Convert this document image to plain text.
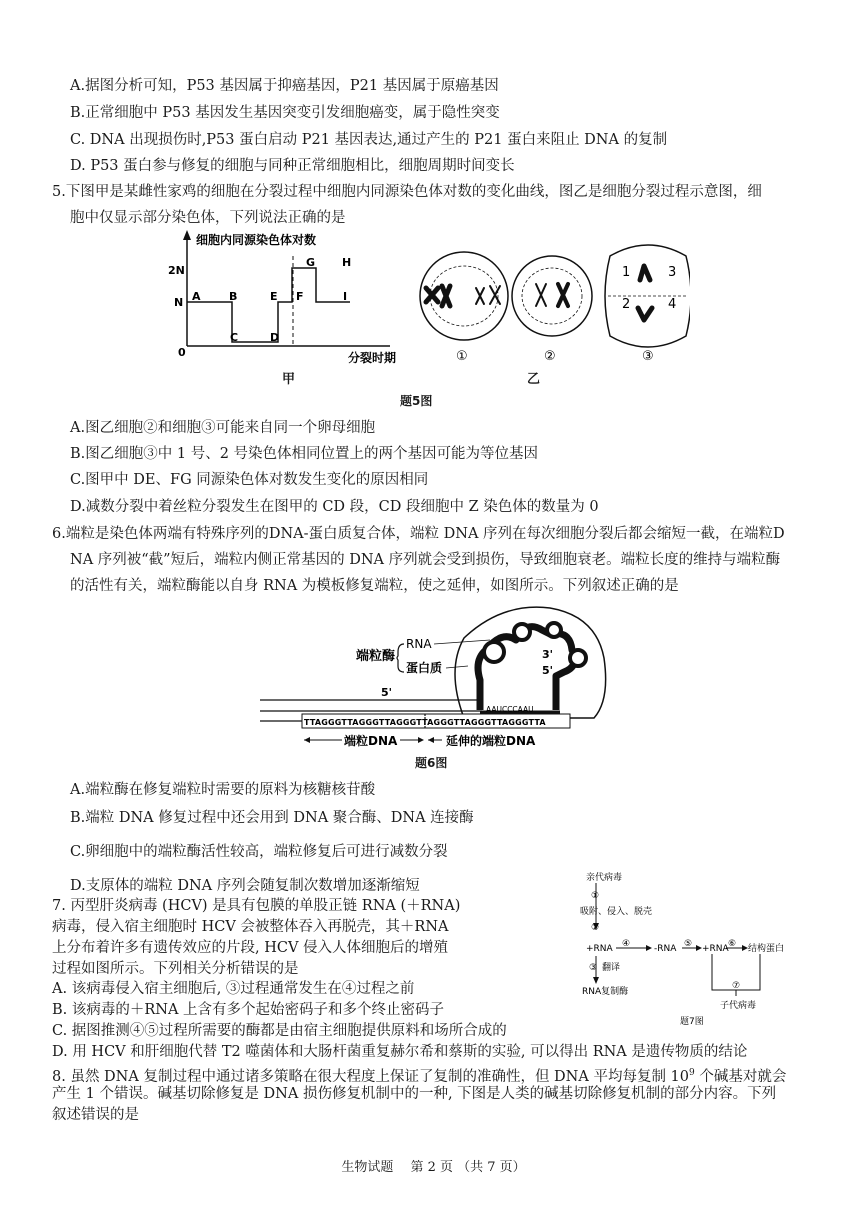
A.据图分析可知，P53 基因属于抑癌基因，P21 基因属于原癌基因
B.正常细胞中 P53 基因发生基因突变引发细胞癌变，属于隐性突变
C. DNA 出现损伤时,P53 蛋白启动 P21 基因表达,通过产生的 P21 蛋白来阻止 DNA 的复制
D. P53 蛋白参与修复的细胞与同种正常细胞相比，细胞周期时间变长
5.下图甲是某雌性家鸡的细胞在分裂过程中细胞内同源染色体对数的变化曲线，图乙是细胞分裂过程示意图，细
胞中仅显示部分染色体，下列说法正确的是
细胞内同源染色体对数
2N
N
0
A	B
C	D
E F
G H
I
分裂时期
甲
①	②
1
2
3
4
③
乙
题5图
A.图乙细胞②和细胞③可能来自同一个卵母细胞
B.图乙细胞③中 1 号、2 号染色体相同位置上的两个基因可能为等位基因
C.图甲中 DE、FG 同源染色体对数发生变化的原因相同
D.减数分裂中着丝粒分裂发生在图甲的 CD 段，CD 段细胞中 Z 染色体的数量为 0
6.端粒是染色体两端有特殊序列的DNA-蛋白质复合体，端粒 DNA 序列在每次细胞分裂后都会缩短一截，在端粒D
NA 序列被“截”短后，端粒内侧正常基因的 DNA 序列就会受到损伤，导致细胞衰老。端粒长度的维持与端粒酶
的活性有关，端粒酶能以自身 RNA 为模板修复端粒，使之延伸，如图所示。下列叙述正确的是
端粒酶
RNA
蛋白质
3'
5'
5'
TTAGGGTTAGGGTTAGGGTTAGGGTTAGGGTTAGGGTTA
AAUCCCAAU
端粒DNA	延伸的端粒DNA
题6图
A.端粒酶在修复端粒时需要的原料为核糖核苷酸
B.端粒 DNA 修复过程中还会用到 DNA 聚合酶、DNA 连接酶
C.卵细胞中的端粒酶活性较高，端粒修复后可进行减数分裂
D.支原体的端粒 DNA 序列会随复制次数增加逐渐缩短
7. 丙型肝炎病毒 (HCV) 是具有包膜的单股正链 RNA (＋RNA)
病毒，侵入宿主细胞时 HCV 会被整体吞入再脱壳，其＋RNA
上分布着许多有遗传效应的片段, HCV 侵入人体细胞后的增殖
过程如图所示。下列相关分析错误的是
A. 该病毒侵入宿主细胞后, ③过程通常发生在④过程之前
B. 该病毒的＋RNA 上含有多个起始密码子和多个终止密码子
C. 据图推测④⑤过程所需要的酶都是由宿主细胞提供原料和场所合成的
D. 用 HCV 和肝细胞代替 T2 噬菌体和大肠杆菌重复赫尔希和蔡斯的实验, 可以得出 RNA 是遗传物质的结论
亲代病毒
①
吸附、侵入、脱壳
②
+RNA ④	-RNA ⑤ +RNA ⑥ 结构蛋白
③ 翻译
RNA复制酶
⑦
子代病毒
题7图
8. 虽然 DNA 复制过程中通过诸多策略在很大程度上保证了复制的准确性，但 DNA 平均每复制 $10^9$ 个碱基对就会
产生 1 个错误。碱基切除修复是 DNA 损伤修复机制中的一种, 下图是人类的碱基切除修复机制的部分内容。下列
叙述错误的是
生物试题　 第 2 页 （共 7 页）
